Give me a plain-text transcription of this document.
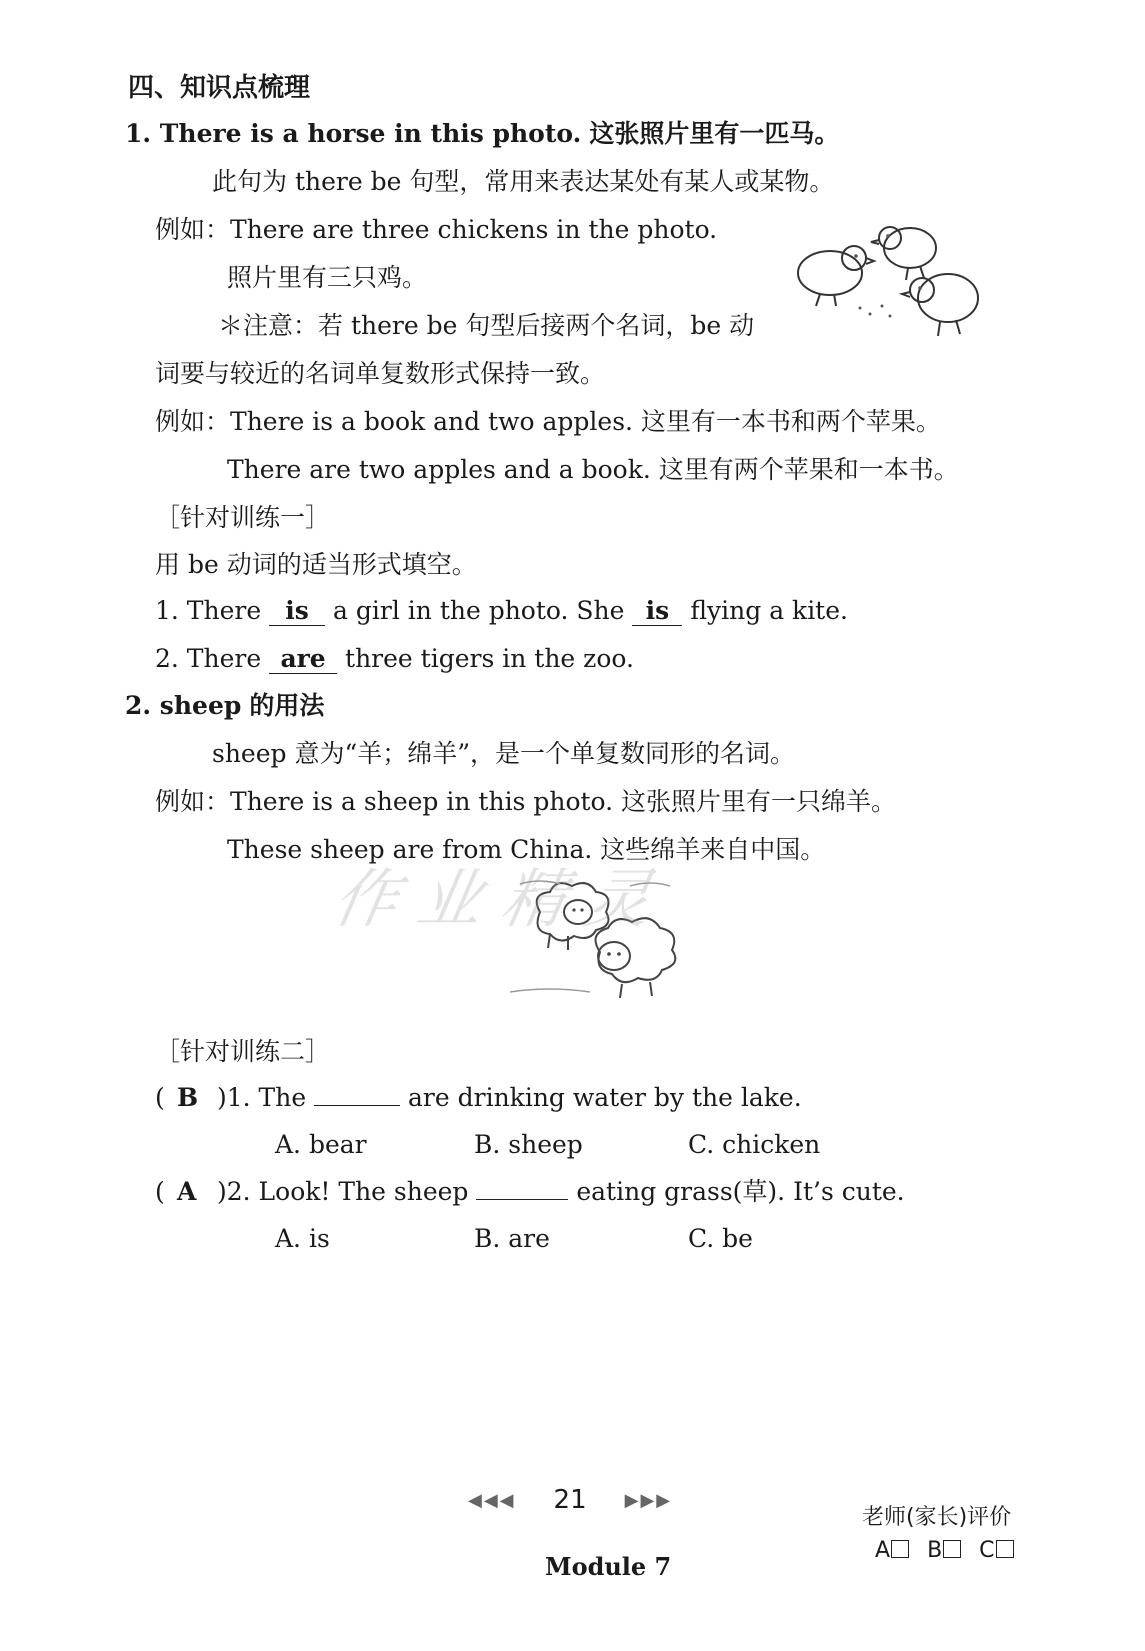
四、知识点梳理
1. There is a horse in this photo. 这张照片里有一匹马。
此句为 there be 句型，常用来表达某处有某人或某物。
例如：There are three chickens in the photo.
照片里有三只鸡。
＊注意：若 there be 句型后接两个名词，be 动
词要与较近的名词单复数形式保持一致。
例如：There is a book and two apples. 这里有一本书和两个苹果。
There are two apples and a book. 这里有两个苹果和一本书。
［针对训练一］
用 be 动词的适当形式填空。
1. There is a girl in the photo. She is flying a kite.
2. There are three tigers in the zoo.
2. sheep 的用法
sheep 意为“羊；绵羊”，是一个单复数同形的名词。
例如：There is a sheep in this photo. 这张照片里有一只绵羊。
These sheep are from China. 这些绵羊来自中国。
作业精灵
［针对训练二］
( B )1. The	are drinking water by the lake.
A. bear	B. sheep	C. chicken
( A )2. Look! The sheep	eating grass(草). It’s cute.
A. is	B. are	C. be
◀◀◀ 21 ▶▶▶
Module 7
老师(家长)评价
A B C
